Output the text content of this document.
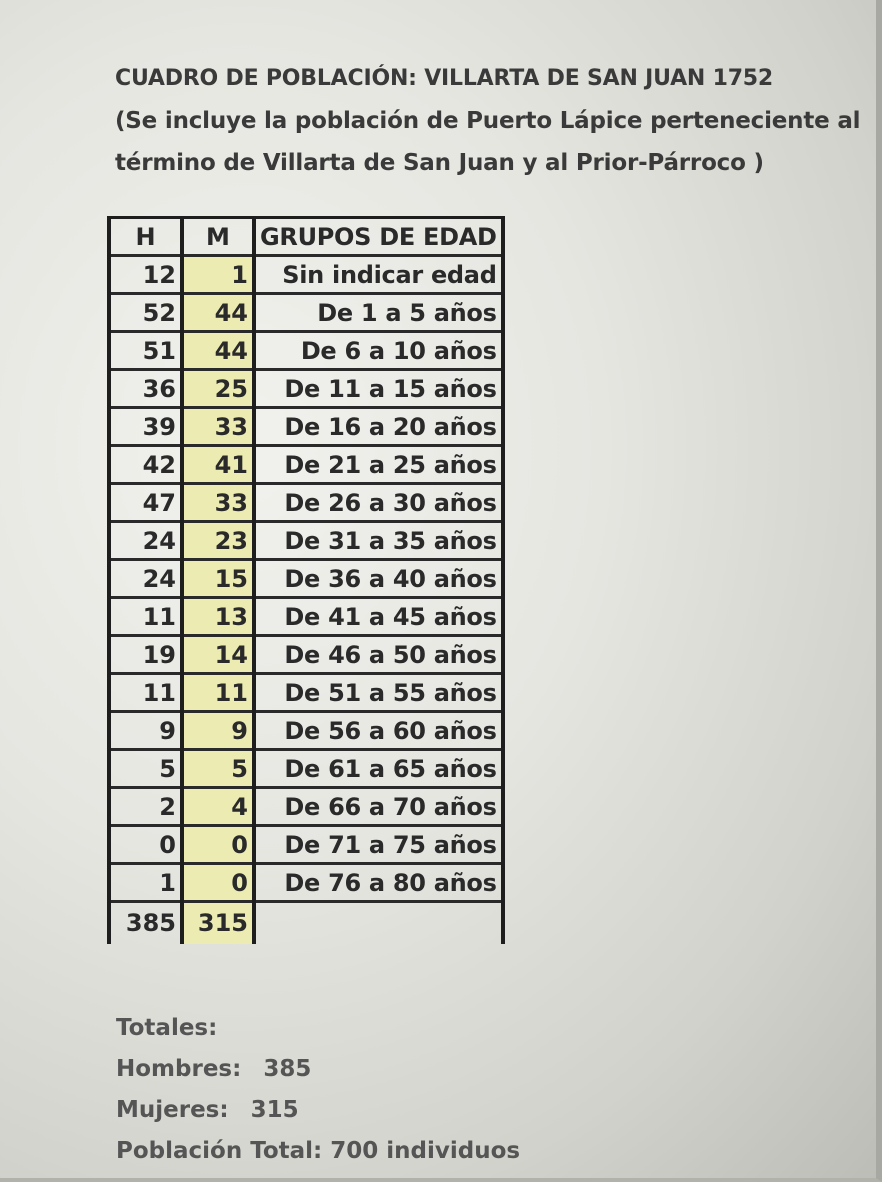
CUADRO DE POBLACIÓN: VILLARTA DE SAN JUAN 1752
(Se incluye la población de Puerto Lápice perteneciente al
término de Villarta de San Juan y al Prior-Párroco )
H	M	GRUPOS DE EDAD
12	1	Sin indicar edad
52	44	De 1 a 5 años
51	44	De 6 a 10 años
36	25	De 11 a 15 años
39	33	De 16 a 20 años
42	41	De 21 a 25 años
47	33	De 26 a 30 años
24	23	De 31 a 35 años
24	15	De 36 a 40 años
11	13	De 41 a 45 años
19	14	De 46 a 50 años
11	11	De 51 a 55 años
9	9	De 56 a 60 años
5	5	De 61 a 65 años
2	4	De 66 a 70 años
0	0	De 71 a 75 años
1	0	De 76 a 80 años
385	315	
Totales:
Hombres: 385
Mujeres: 315
Población Total: 700 individuos
